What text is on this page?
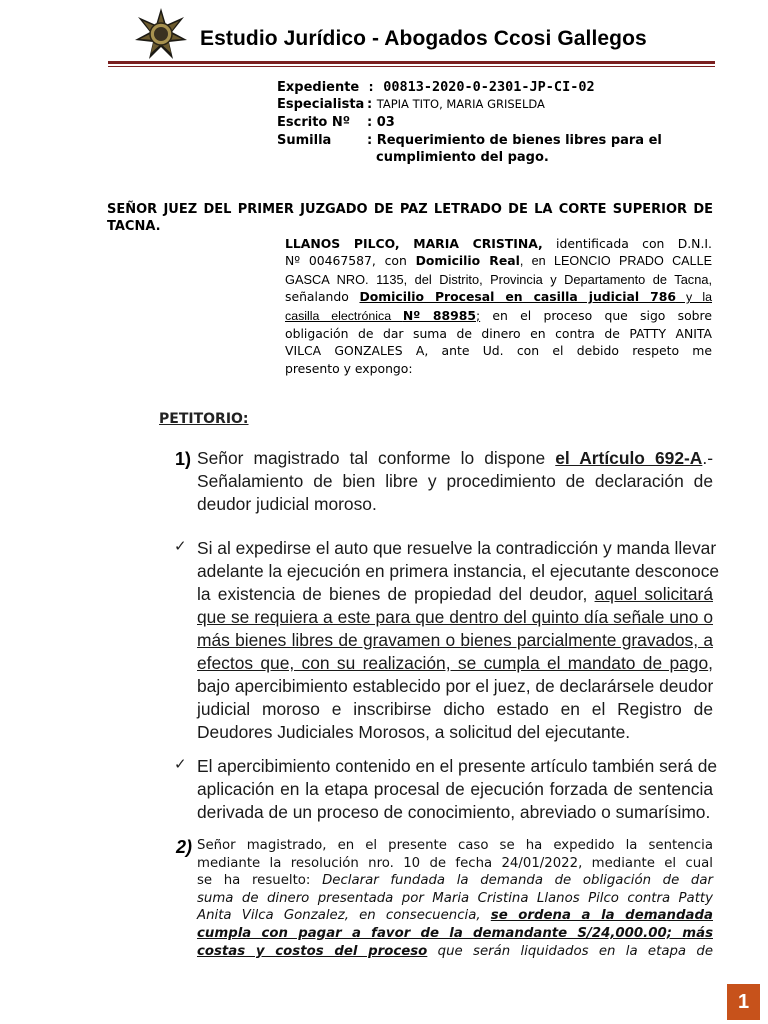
Estudio Jurídico - Abogados Ccosi Gallegos
Expediente : 00813-2020-0-2301-JP-CI-02
Especialista : TAPIA TITO, MARIA GRISELDA
Escrito Nº : 03
Sumilla	: Requerimiento de bienes libres para el
cumplimiento del pago.
SEÑOR JUEZ DEL PRIMER JUZGADO DE PAZ LETRADO DE LA CORTE SUPERIOR DE
TACNA.
LLANOS PILCO, MARIA CRISTINA, identificada con D.N.I.
Nº 00467587, con Domicilio Real, en LEONCIO PRADO CALLE
GASCA NRO. 1135, del Distrito, Provincia y Departamento de Tacna,
señalando Domicilio Procesal en casilla judicial 786 y la
casilla electrónica Nº 88985; en el proceso que sigo sobre
obligación de dar suma de dinero en contra de PATTY ANITA
VILCA GONZALES A, ante Ud. con el debido respeto me
presento y expongo:
PETITORIO:
1) Señor magistrado tal conforme lo dispone el Artículo 692-A.-
Señalamiento de bien libre y procedimiento de declaración de
deudor judicial moroso.
✓ Si al expedirse el auto que resuelve la contradicción y manda llevar
adelante la ejecución en primera instancia, el ejecutante desconoce
la existencia de bienes de propiedad del deudor, aquel solicitará
que se requiera a este para que dentro del quinto día señale uno o
más bienes libres de gravamen o bienes parcialmente gravados, a
efectos que, con su realización, se cumpla el mandato de pago,
bajo apercibimiento establecido por el juez, de declarársele deudor
judicial moroso e inscribirse dicho estado en el Registro de
Deudores Judiciales Morosos, a solicitud del ejecutante.
✓ El apercibimiento contenido en el presente artículo también será de
aplicación en la etapa procesal de ejecución forzada de sentencia
derivada de un proceso de conocimiento, abreviado o sumarísimo.
2) Señor magistrado, en el presente caso se ha expedido la sentencia
mediante la resolución nro. 10 de fecha 24/01/2022, mediante el cual
se ha resuelto: Declarar fundada la demanda de obligación de dar
suma de dinero presentada por Maria Cristina Llanos Pilco contra Patty
Anita Vilca Gonzalez, en consecuencia, se ordena a la demandada
cumpla con pagar a favor de la demandante S/24,000.00; más
costas y costos del proceso que serán liquidados en la etapa de
1
